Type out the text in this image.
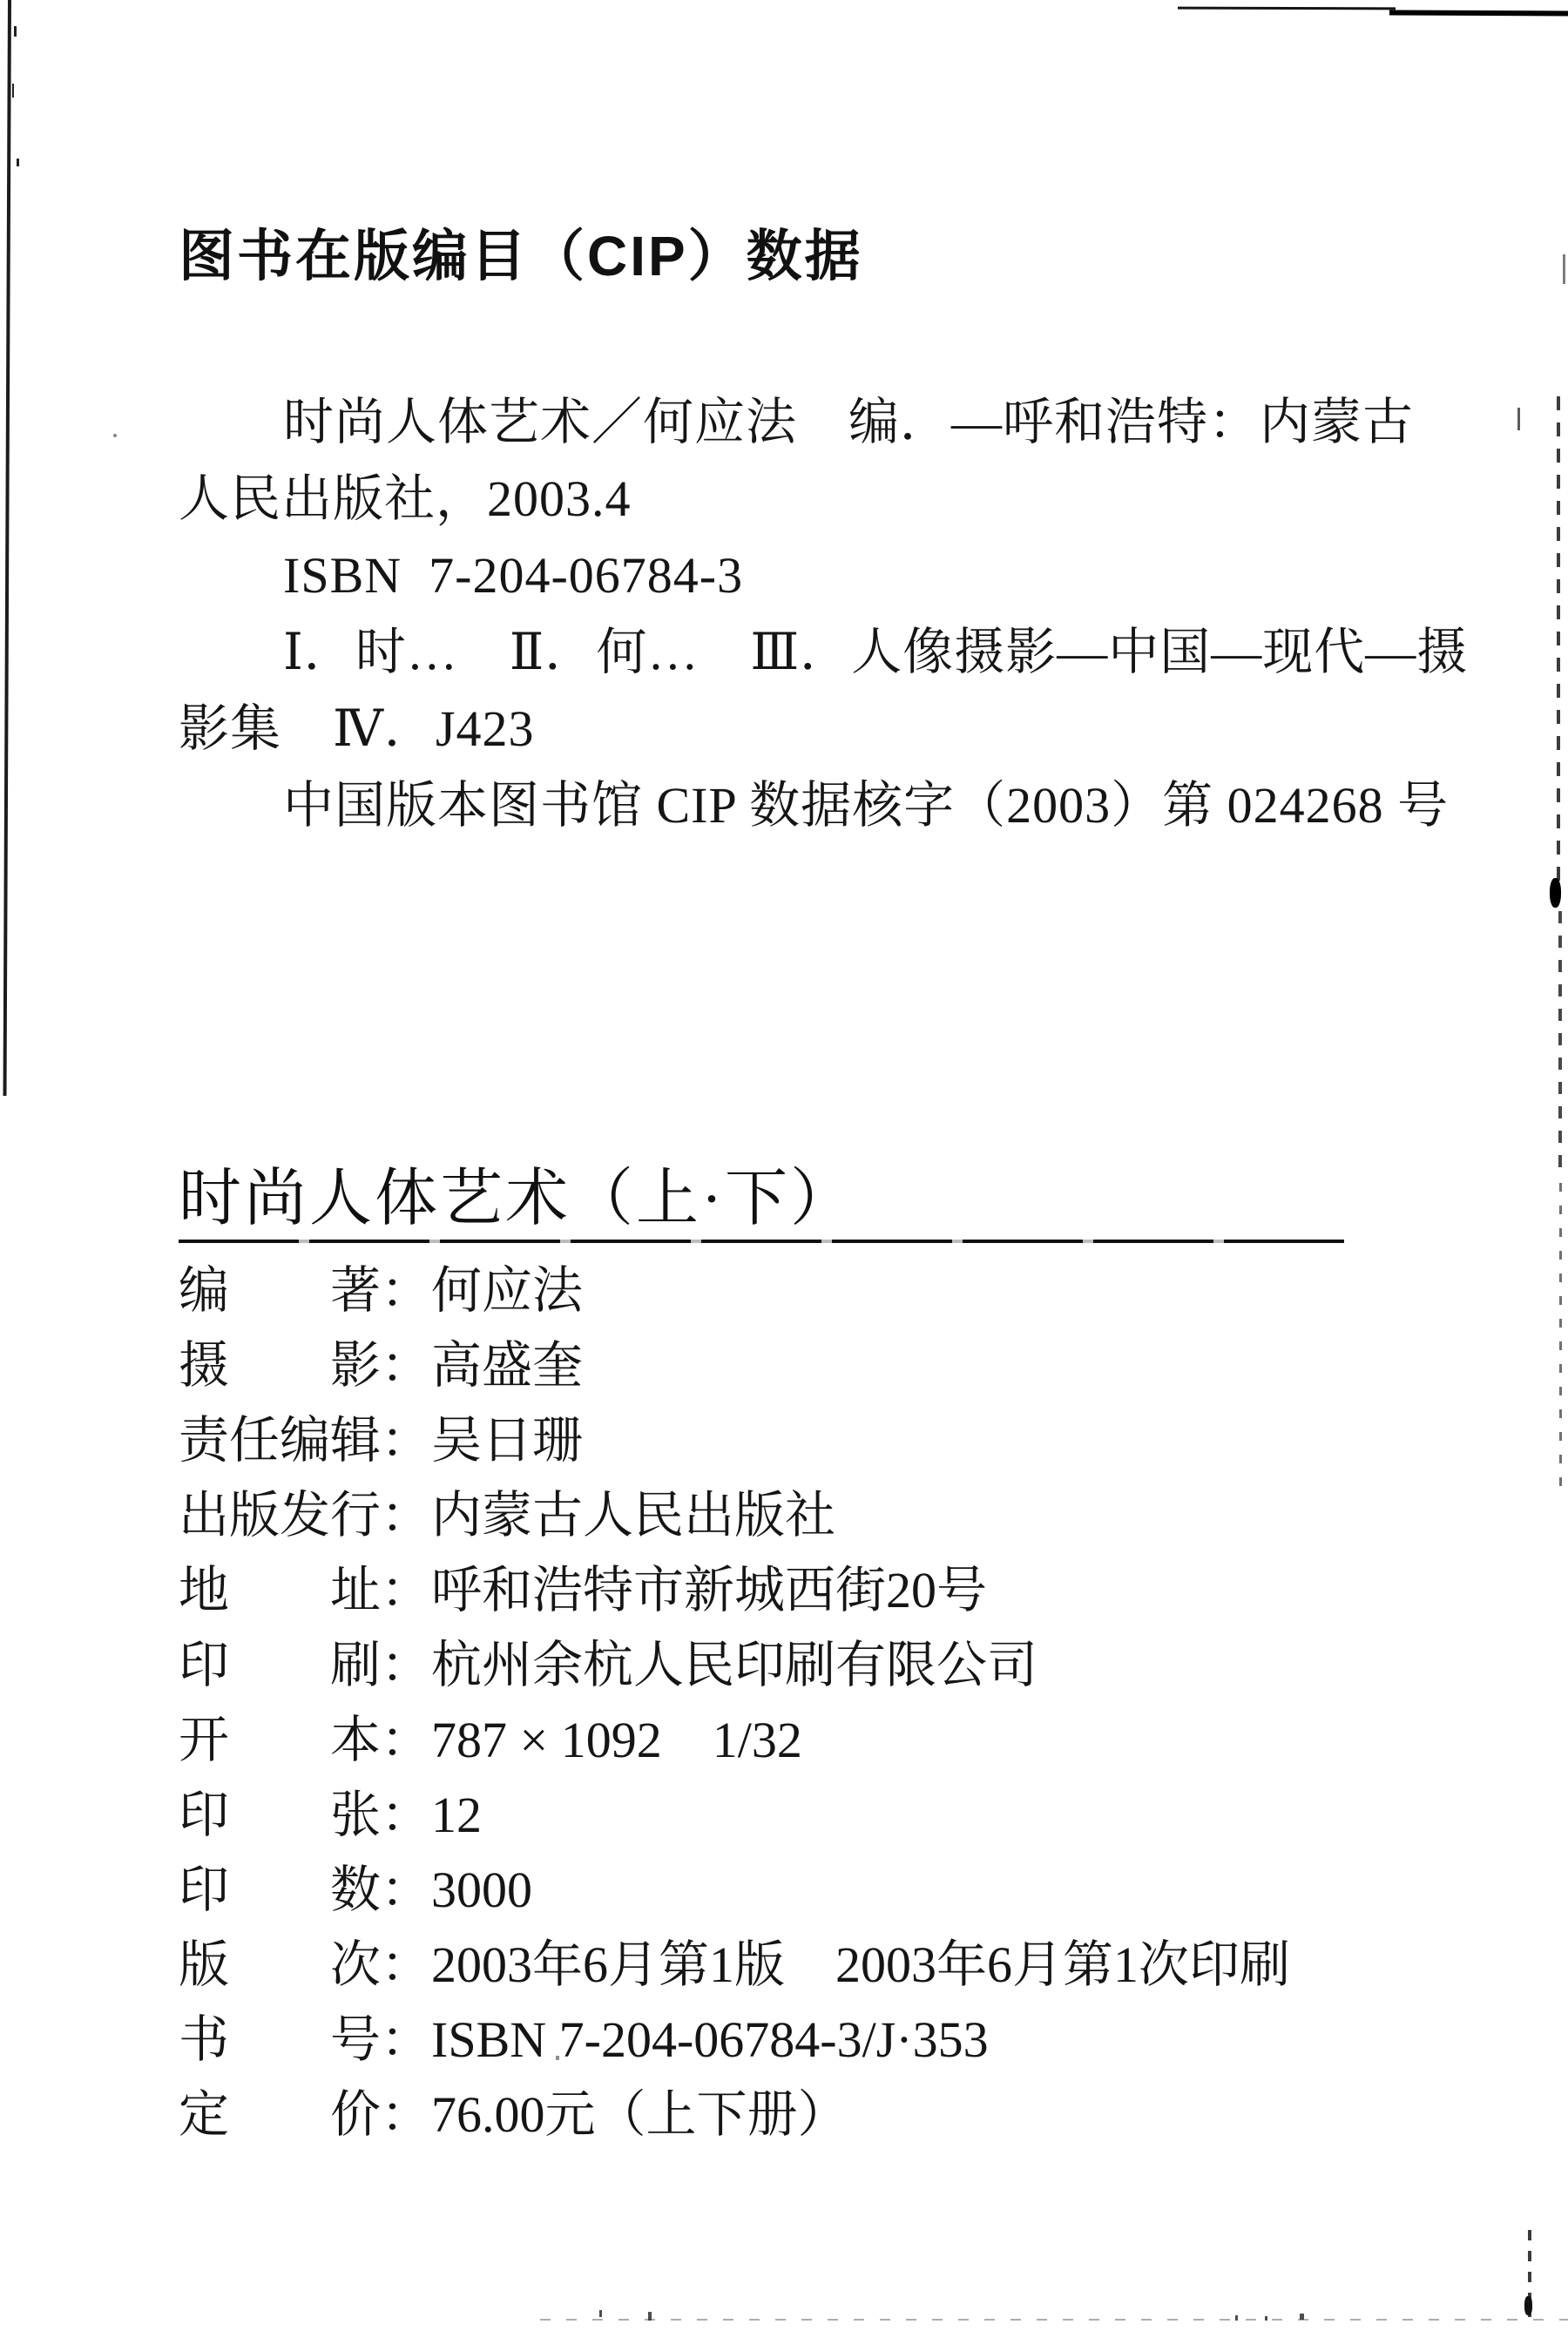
图书在版编目（CIP）数据
时尚人体艺术／何应法　编．—呼和浩特：内蒙古
人民出版社，2003.4
ISBN  7-204-06784-3
Ⅰ．时…　Ⅱ．何…　Ⅲ．人像摄影—中国—现代—摄
影集　Ⅳ．J423
中国版本图书馆 CIP 数据核字（2003）第 024268 号
时尚人体艺术（上·下）
编著 ： 何应法
摄影 ： 高盛奎
责任编辑 ： 吴日珊
出版发行 ： 内蒙古人民出版社
地址 ： 呼和浩特市新城西街20号
印刷 ： 杭州余杭人民印刷有限公司
开本 ： 787 × 1092　1/32
印张 ： 12
印数 ： 3000
版次 ： 2003年6月第1版　2003年6月第1次印刷
书号 ： ISBN 7-204-06784-3/J·353
定价 ： 76.00元（上下册）
